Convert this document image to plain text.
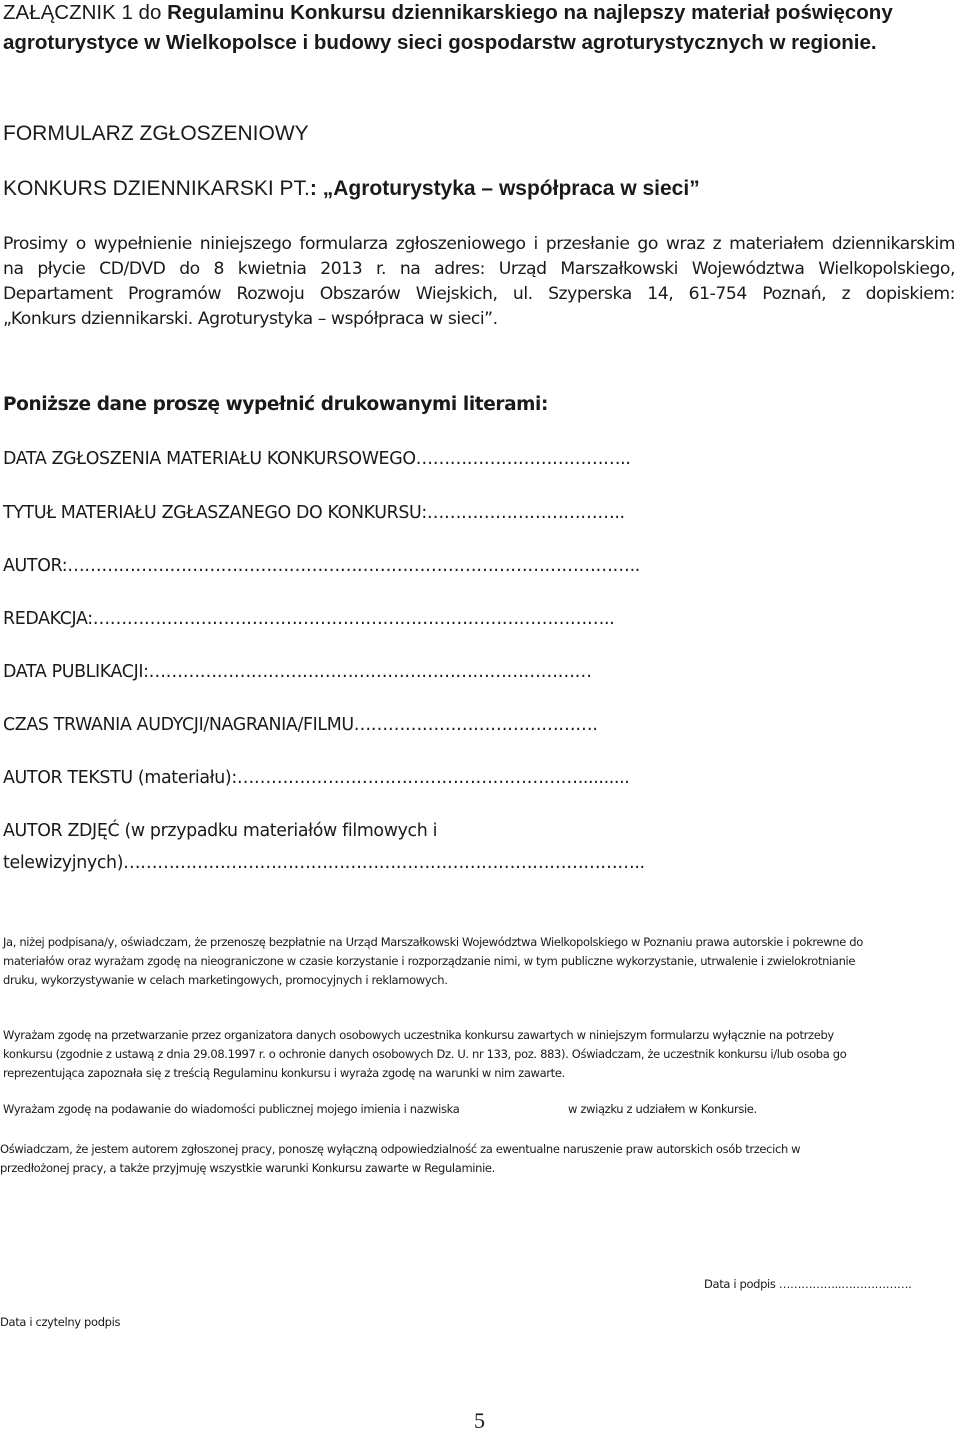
ZAŁĄCZNIK 1 do Regulaminu Konkursu dziennikarskiego na najlepszy materiał poświęcony
agroturystyce w Wielkopolsce i budowy sieci gospodarstw agroturystycznych w regionie.
FORMULARZ ZGŁOSZENIOWY
KONKURS DZIENNIKARSKI PT.: „Agroturystyka – współpraca w sieci”
Prosimy o wypełnienie niniejszego formularza zgłoszeniowego i przesłanie go wraz z materiałem dziennikarskim
na płycie CD/DVD do 8 kwietnia 2013 r. na adres: Urząd Marszałkowski Województwa Wielkopolskiego,
Departament Programów Rozwoju Obszarów Wiejskich, ul. Szyperska 14, 61-754 Poznań, z dopiskiem:
„Konkurs dziennikarski. Agroturystyka – współpraca w sieci”.
Poniższe dane proszę wypełnić drukowanymi literami:
DATA ZGŁOSZENIA MATERIAŁU KONKURSOWEGO………………………………..
TYTUŁ MATERIAŁU ZGŁASZANEGO DO KONKURSU:……………………………..
AUTOR:………………………………………………………………………………………..
REDAKCJA:………………………………………………………………………………..
DATA PUBLIKACJI:……………………………………………………………………
CZAS TRWANIA AUDYCJI/NAGRANIA/FILMU…………………………………….
AUTOR TEKSTU (materiału):……………………………………………………..........
AUTOR ZDJĘĆ (w przypadku materiałów filmowych i
telewizyjnych)………………………………………………………………………………..
Ja, niżej podpisana/y, oświadczam, że przenoszę bezpłatnie na Urząd Marszałkowski Województwa Wielkopolskiego w Poznaniu prawa autorskie i pokrewne do
materiałów oraz wyrażam zgodę na nieograniczone w czasie korzystanie i rozporządzanie nimi, w tym publiczne wykorzystanie, utrwalenie i zwielokrotnianie
druku, wykorzystywanie w celach marketingowych, promocyjnych i reklamowych.
Wyrażam zgodę na przetwarzanie przez organizatora danych osobowych uczestnika konkursu zawartych w niniejszym formularzu wyłącznie na potrzeby
konkursu (zgodnie z ustawą z dnia 29.08.1997 r. o ochronie danych osobowych Dz. U. nr 133, poz. 883). Oświadczam, że uczestnik konkursu i/lub osoba go
reprezentująca zapoznała się z treścią Regulaminu konkursu i wyraża zgodę na warunki w nim zawarte.
Wyrażam zgodę na podawanie do wiadomości publicznej mojego imienia i nazwiska	w związku z udziałem w Konkursie.
Oświadczam, że jestem autorem zgłoszonej pracy, ponoszę wyłączną odpowiedzialność za ewentualne naruszenie praw autorskich osób trzecich w
przedłożonej pracy, a także przyjmuję wszystkie warunki Konkursu zawarte w Regulaminie.
Data i podpis ……………..……………….
Data i czytelny podpis
5
